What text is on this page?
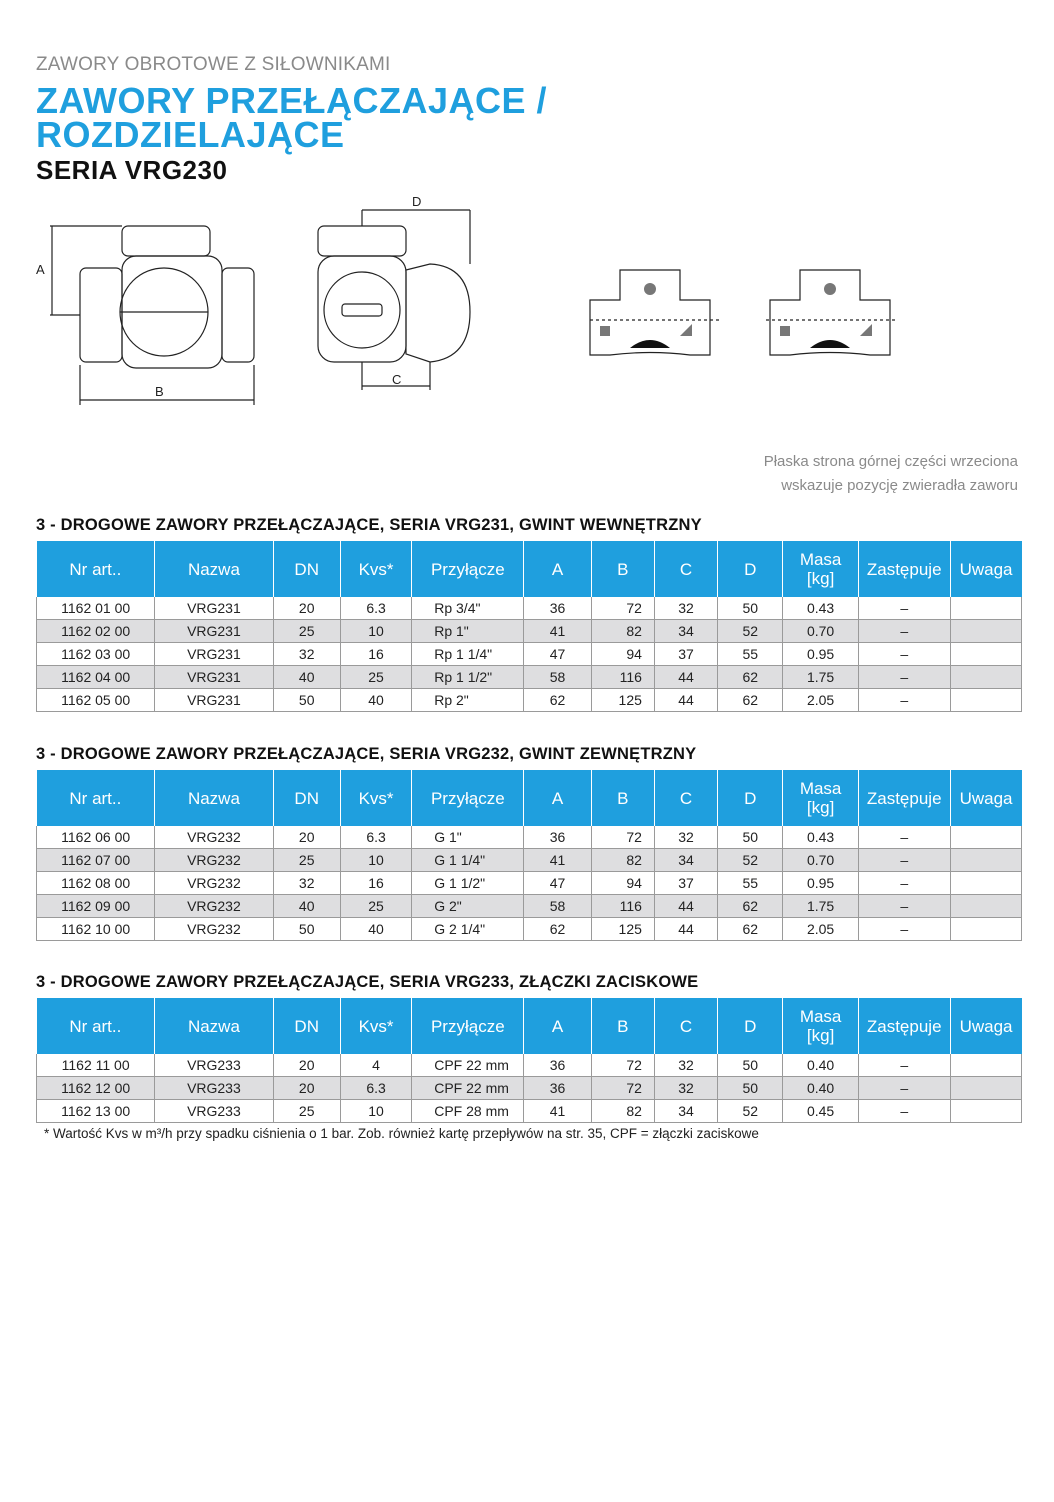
ZAWORY OBROTOWE Z SIŁOWNIKAMI
ZAWORY PRZEŁĄCZAJĄCE /
ROZDZIELAJĄCE
SERIA VRG230
A
B
C
D
Płaska strona górnej części wrzeciona
wskazuje pozycję zwieradła zaworu
3 - DROGOWE ZAWORY PRZEŁĄCZAJĄCE, SERIA VRG231, GWINT WEWNĘTRZNY
Nr art..	Nazwa	DN	Kvs*	Przyłącze	A	B	C	D	Masa
[kg]	Zastępuje	Uwaga
1162 01 00	VRG231	20	6.3	Rp 3/4"	36	72	32	50	0.43	–	
1162 02 00	VRG231	25	10	Rp 1"	41	82	34	52	0.70	–	
1162 03 00	VRG231	32	16	Rp 1 1/4"	47	94	37	55	0.95	–	
1162 04 00	VRG231	40	25	Rp 1 1/2"	58	116	44	62	1.75	–	
1162 05 00	VRG231	50	40	Rp 2"	62	125	44	62	2.05	–	
3 - DROGOWE ZAWORY PRZEŁĄCZAJĄCE, SERIA VRG232, GWINT ZEWNĘTRZNY
Nr art..	Nazwa	DN	Kvs*	Przyłącze	A	B	C	D	Masa
[kg]	Zastępuje	Uwaga
1162 06 00	VRG232	20	6.3	G 1"	36	72	32	50	0.43	–	
1162 07 00	VRG232	25	10	G 1 1/4"	41	82	34	52	0.70	–	
1162 08 00	VRG232	32	16	G 1 1/2"	47	94	37	55	0.95	–	
1162 09 00	VRG232	40	25	G 2"	58	116	44	62	1.75	–	
1162 10 00	VRG232	50	40	G 2 1/4"	62	125	44	62	2.05	–	
3 - DROGOWE ZAWORY PRZEŁĄCZAJĄCE, SERIA VRG233, ZŁĄCZKI ZACISKOWE
Nr art..	Nazwa	DN	Kvs*	Przyłącze	A	B	C	D	Masa
[kg]	Zastępuje	Uwaga
1162 11 00	VRG233	20	4	CPF 22 mm	36	72	32	50	0.40	–	
1162 12 00	VRG233	20	6.3	CPF 22 mm	36	72	32	50	0.40	–	
1162 13 00	VRG233	25	10	CPF 28 mm	41	82	34	52	0.45	–	
* Wartość Kvs w m³/h przy spadku ciśnienia o 1 bar. Zob. również kartę przepływów na str. 35, CPF = złączki zaciskowe
